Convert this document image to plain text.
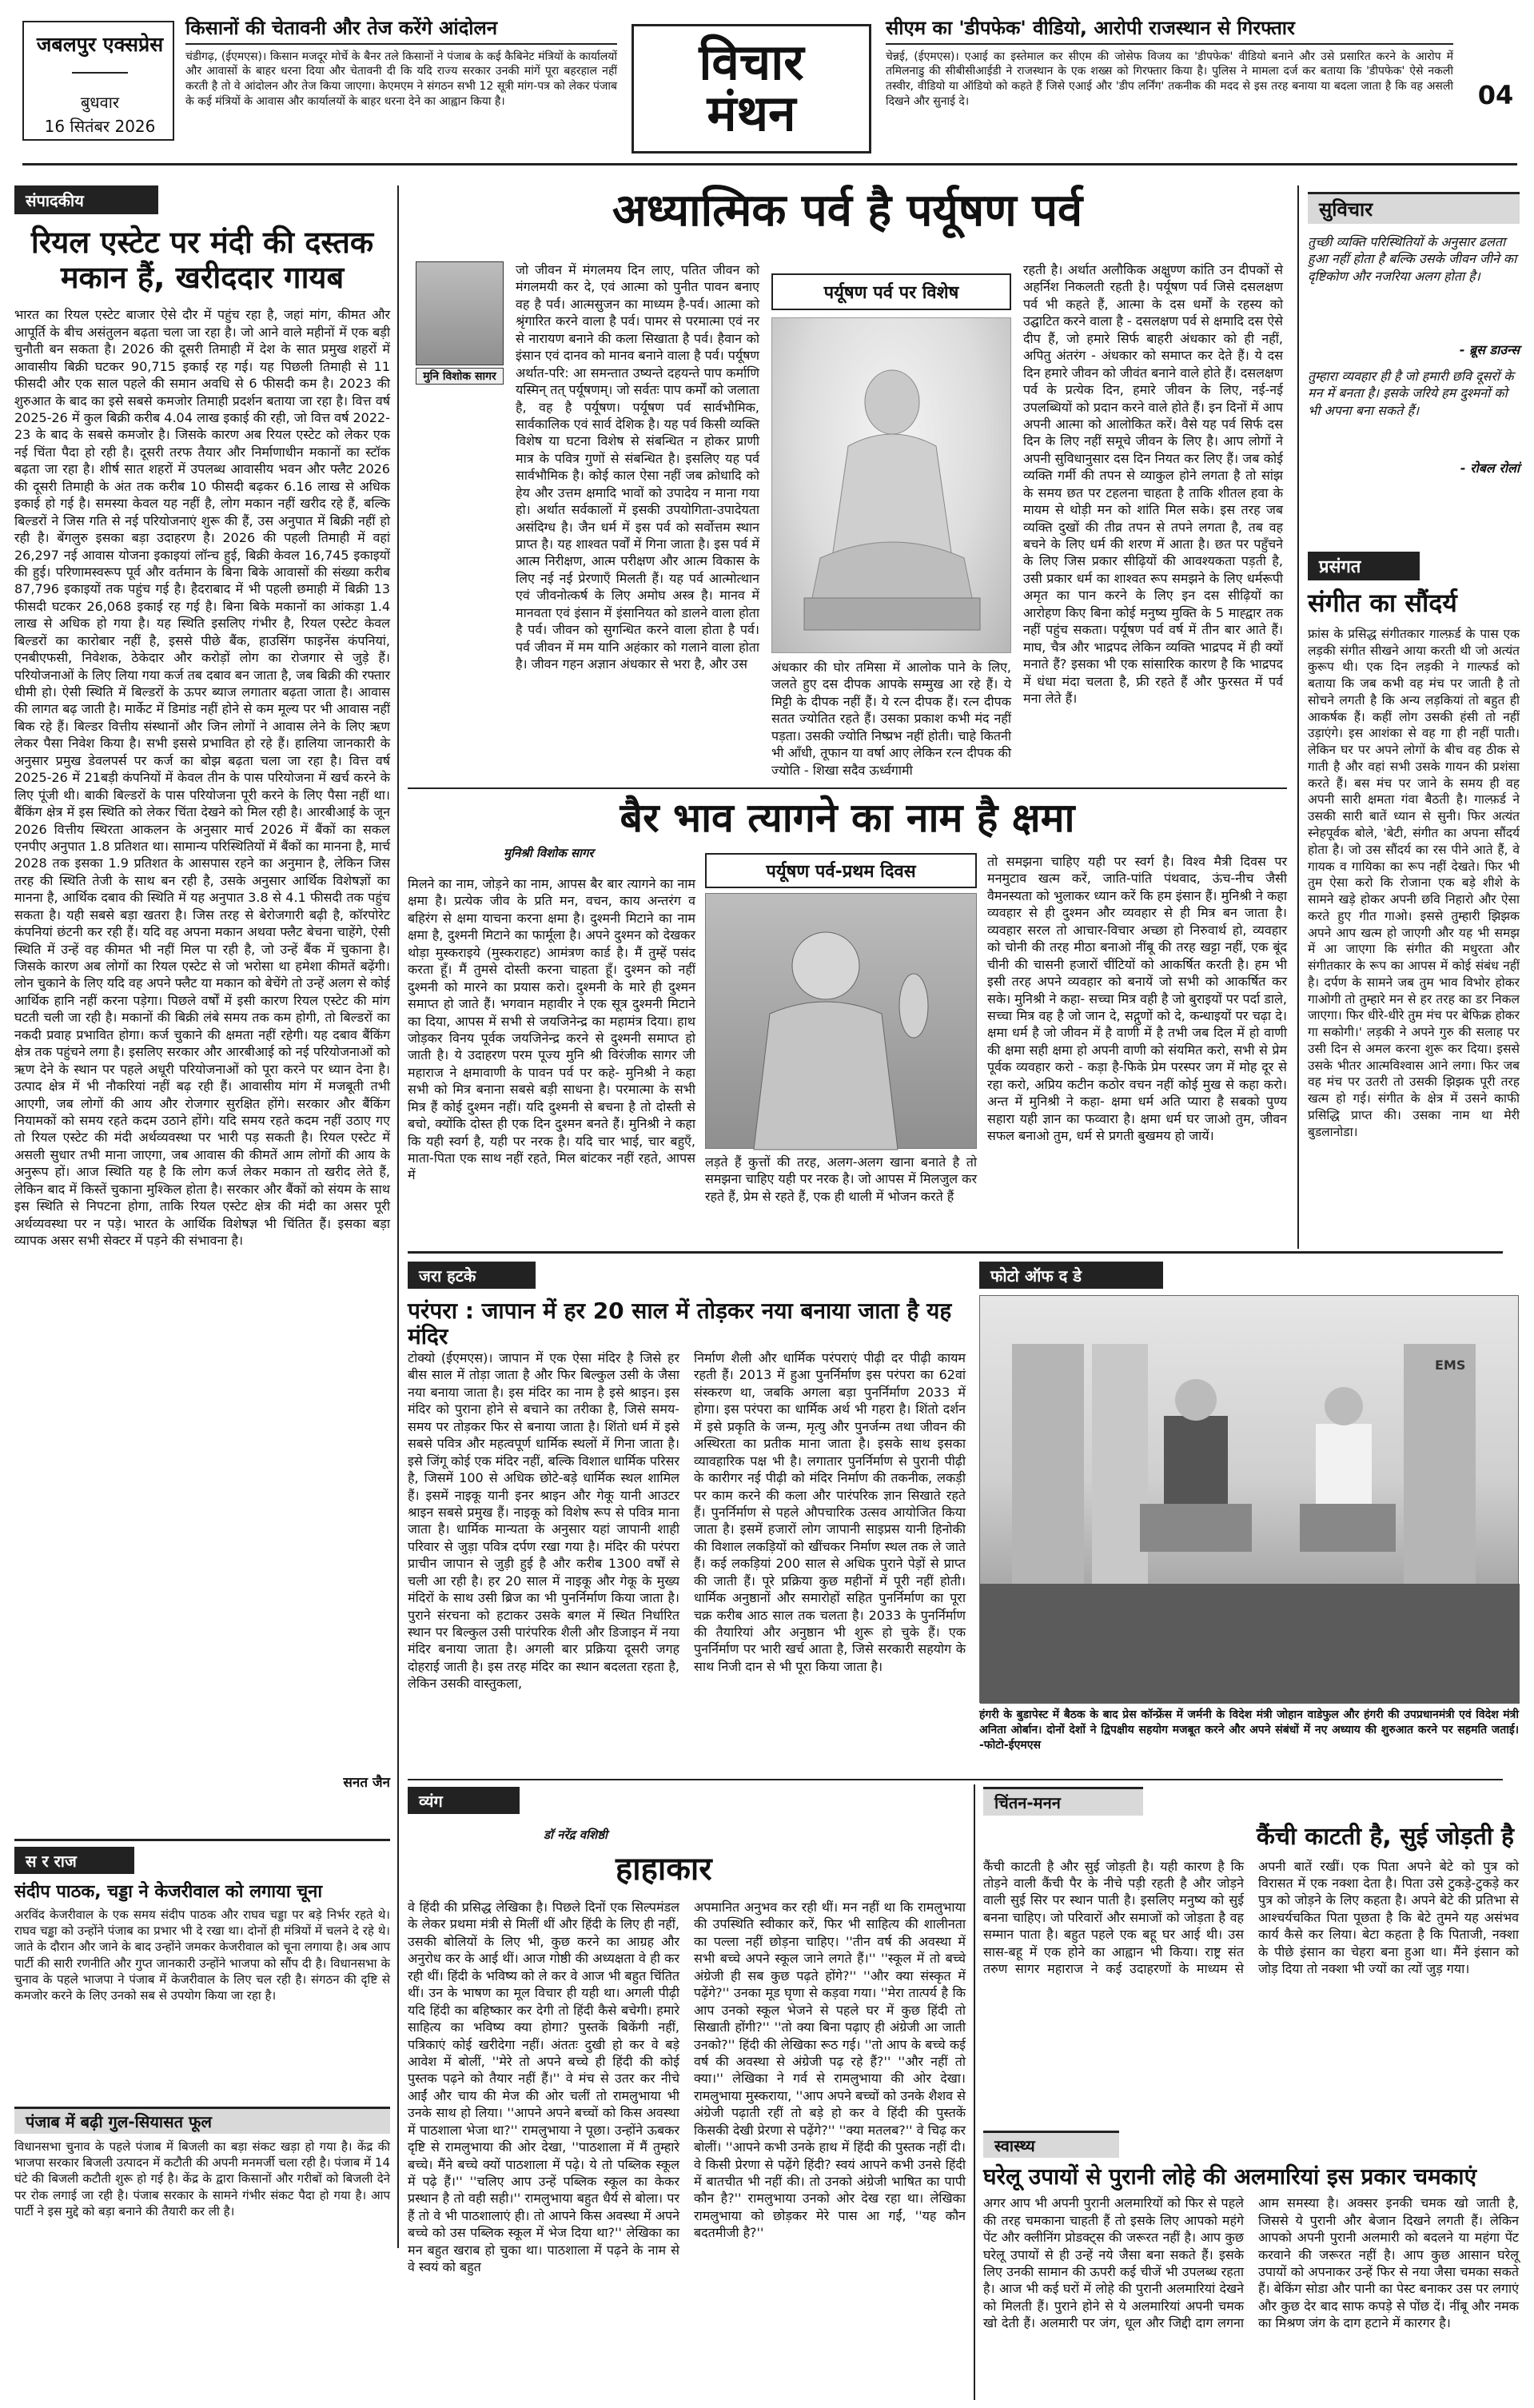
जबलपुर एक्सप्रेस
बुधवार
16 सितंबर 2026
किसानों की चेतावनी और तेज करेंगे आंदोलन
चंडीगढ़, (ईएमएस)। किसान मजदूर मोर्चे के बैनर तले किसानों ने पंजाब के कई कैबिनेट मंत्रियों के कार्यालयों और आवासों के बाहर धरना दिया और चेतावनी दी कि यदि राज्य सरकार उनकी मांगें पूरा बहरहाल नहीं करती है तो वे आंदोलन और तेज किया जाएगा। केएमएम ने संगठन सभी 12 सूत्री मांग-पत्र को लेकर पंजाब के कई मंत्रियों के आवास और कार्यालयों के बाहर धरना देने का आह्वान किया है।
विचार
मंथन
सीएम का 'डीपफेक' वीडियो, आरोपी राजस्थान से गिरफ्तार
चेन्नई, (ईएमएस)। एआई का इस्तेमाल कर सीएम की जोसेफ विजय का 'डीपफेक' वीडियो बनाने और उसे प्रसारित करने के आरोप में तमिलनाडु की सीबीसीआईडी ने राजस्थान के एक शख्स को गिरफ्तार किया है। पुलिस ने मामला दर्ज कर बताया कि 'डीपफेक' ऐसे नकली तस्वीर, वीडियो या ऑडियो को कहते हैं जिसे एआई और 'डीप लर्निंग' तकनीक की मदद से इस तरह बनाया या बदला जाता है कि वह असली दिखने और सुनाई दे।	04
संपादकीय
रियल एस्टेट पर मंदी की दस्तक मकान हैं, खरीददार गायब
भारत का रियल एस्टेट बाजार ऐसे दौर में पहुंच रहा है, जहां मांग, कीमत और आपूर्ति के बीच असंतुलन बढ़ता चला जा रहा है। जो आने वाले महीनों में एक बड़ी चुनौती बन सकता है। 2026 की दूसरी तिमाही में देश के सात प्रमुख शहरों में आवासीय बिक्री घटकर 90,715 इकाई रह गई। यह पिछली तिमाही से 11 फीसदी और एक साल पहले की समान अवधि से 6 फीसदी कम है। 2023 की शुरुआत के बाद का इसे सबसे कमजोर तिमाही प्रदर्शन बताया जा रहा है। वित्त वर्ष 2025-26 में कुल बिक्री करीब 4.04 लाख इकाई की रही, जो वित्त वर्ष 2022-23 के बाद के सबसे कमजोर है। जिसके कारण अब रियल एस्टेट को लेकर एक नई चिंता पैदा हो रही है। दूसरी तरफ तैयार और निर्माणाधीन मकानों का स्टॉक बढ़ता जा रहा है। शीर्ष सात शहरों में उपलब्ध आवासीय भवन और फ्लैट 2026 की दूसरी तिमाही के अंत तक करीब 10 फीसदी बढ़कर 6.16 लाख से अधिक इकाई हो गई है। समस्या केवल यह नहीं है, लोग मकान नहीं खरीद रहे हैं, बल्कि बिल्डरों ने जिस गति से नई परियोजनाएं शुरू की हैं, उस अनुपात में बिक्री नहीं हो रही है। बेंगलुरु इसका बड़ा उदाहरण है। 2026 की पहली तिमाही में वहां 26,297 नई आवास योजना इकाइयां लॉन्च हुई, बिक्री केवल 16,745 इकाइयों की हुई। परिणामस्वरूप पूर्व और वर्तमान के बिना बिके आवासों की संख्या करीब 87,796 इकाइयों तक पहुंच गई है। हैदराबाद में भी पहली छमाही में बिक्री 13 फीसदी घटकर 26,068 इकाई रह गई है। बिना बिके मकानों का आंकड़ा 1.4 लाख से अधिक हो गया है। यह स्थिति इसलिए गंभीर है, रियल एस्टेट केवल बिल्डरों का कारोबार नहीं है, इससे पीछे बैंक, हाउसिंग फाइनेंस कंपनियां, एनबीएफसी, निवेशक, ठेकेदार और करोड़ों लोग का रोजगार से जुड़े हैं। परियोजनाओं के लिए लिया गया कर्ज तब दबाव बन जाता है, जब बिक्री की रफ्तार धीमी हो। ऐसी स्थिति में बिल्डरों के ऊपर ब्याज लगातार बढ़ता जाता है। आवास की लागत बढ़ जाती है। मार्केट में डिमांड नहीं होने से कम मूल्य पर भी आवास नहीं बिक रहे हैं। बिल्डर वित्तीय संस्थानों और जिन लोगों ने आवास लेने के लिए ऋण लेकर पैसा निवेश किया है। सभी इससे प्रभावित हो रहे हैं। हालिया जानकारी के अनुसार प्रमुख डेवलपर्स पर कर्ज का बोझ बढ़ता चला जा रहा है। वित्त वर्ष 2025-26 में 21बड़ी कंपनियों में केवल तीन के पास परियोजना में खर्च करने के लिए पूंजी थी। बाकी बिल्डरों के पास परियोजना पूरी करने के लिए पैसा नहीं था। बैंकिंग क्षेत्र में इस स्थिति को लेकर चिंता देखने को मिल रही है। आरबीआई के जून 2026 वित्तीय स्थिरता आकलन के अनुसार मार्च 2026 में बैंकों का सकल एनपीए अनुपात 1.8 प्रतिशत था। सामान्य परिस्थितियों में बैंकों का मानना है, मार्च 2028 तक इसका 1.9 प्रतिशत के आसपास रहने का अनुमान है, लेकिन जिस तरह की स्थिति तेजी के साथ बन रही है, उसके अनुसार आर्थिक विशेषज्ञों का मानना है, आर्थिक दबाव की स्थिति में यह अनुपात 3.8 से 4.1 फीसदी तक पहुंच सकता है। यही सबसे बड़ा खतरा है। जिस तरह से बेरोजगारी बढ़ी है, कॉरपोरेट कंपनियां छंटनी कर रही हैं। यदि वह अपना मकान अथवा फ्लैट बेचना चाहेंगे, ऐसी स्थिति में उन्हें वह कीमत भी नहीं मिल पा रही है, जो उन्हें बैंक में चुकाना है। जिसके कारण अब लोगों का रियल एस्टेट से जो भरोसा था हमेशा कीमतें बढ़ेंगी। लोन चुकाने के लिए यदि वह अपने फ्लैट या मकान को बेचेंगे तो उन्हें अलग से कोई आर्थिक हानि नहीं करना पड़ेगा। पिछले वर्षों में इसी कारण रियल एस्टेट की मांग घटती चली जा रही है। मकानों की बिक्री लंबे समय तक कम होगी, तो बिल्डरों का नकदी प्रवाह प्रभावित होगा। कर्ज चुकाने की क्षमता नहीं रहेगी। यह दबाव बैंकिंग क्षेत्र तक पहुंचने लगा है। इसलिए सरकार और आरबीआई को नई परियोजनाओं को ऋण देने के स्थान पर पहले अधूरी परियोजनाओं को पूरा करने पर ध्यान देना है। उत्पाद क्षेत्र में भी नौकरियां नहीं बढ़ रही हैं। आवासीय मांग में मजबूती तभी आएगी, जब लोगों की आय और रोजगार सुरक्षित होंगे। सरकार और बैंकिंग नियामकों को समय रहते कदम उठाने होंगे। यदि समय रहते कदम नहीं उठाए गए तो रियल एस्टेट की मंदी अर्थव्यवस्था पर भारी पड़ सकती है। रियल एस्टेट में असली सुधार तभी माना जाएगा, जब आवास की कीमतें आम लोगों की आय के अनुरूप हों। आज स्थिति यह है कि लोग कर्ज लेकर मकान तो खरीद लेते हैं, लेकिन बाद में किस्तें चुकाना मुश्किल होता है। सरकार और बैंकों को संयम के साथ इस स्थिति से निपटना होगा, ताकि रियल एस्टेट क्षेत्र की मंदी का असर पूरी अर्थव्यवस्था पर न पड़े। भारत के आर्थिक विशेषज्ञ भी चिंतित हैं। इसका बड़ा व्यापक असर सभी सेक्टर में पड़ने की संभावना है।
सनत जैन
अध्यात्मिक पर्व है पर्यूषण पर्व
मुनि विशोक सागर
जो जीवन में मंगलमय दिन लाए, पतित जीवन को मंगलमयी कर दे, एवं आत्मा को पुनीत पावन बनाए वह है पर्व। आत्मसुजन का माध्यम है-पर्व। आत्मा को श्रृंगारित करने वाला है पर्व। पामर से परमात्मा एवं नर से नारायण बनाने की कला सिखाता है पर्व। हैवान को इंसान एवं दानव को मानव बनाने वाला है पर्व। पर्यूषण अर्थात-परि: आ समन्तात उष्यन्ते दहयन्ते पाप कर्माणि यस्मिन् तत् पर्यूषणम्। जो सर्वतः पाप कर्मों को जलाता है, वह है पर्यूषण। पर्यूषण पर्व सार्वभौमिक, सार्वकालिक एवं सार्व देशिक है। यह पर्व किसी व्यक्ति विशेष या घटना विशेष से संबन्धित न होकर प्राणी मात्र के पवित्र गुणों से संबन्धित है। इसलिए यह पर्व सार्वभौमिक है। कोई काल ऐसा नहीं जब क्रोधादि को हेय और उत्तम क्षमादि भावों को उपादेय न माना गया हो। अर्थात सर्वकालों में इसकी उपयोगिता-उपादेयता असंदिग्ध है। जैन धर्म में इस पर्व को सर्वोत्तम स्थान प्राप्त है। यह शाश्वत पर्वों में गिना जाता है। इस पर्व में आत्म निरीक्षण, आत्म परीक्षण और आत्म विकास के लिए नई नई प्रेरणाएँ मिलती हैं। यह पर्व आत्मोत्थान एवं जीवनोत्कर्ष के लिए अमोघ अस्त्र है। मानव में मानवता एवं इंसान में इंसानियत को डालने वाला होता है पर्व। जीवन को सुगन्धित करने वाला होता है पर्व। पर्व जीवन में मम यानि अहंकार को गलाने वाला होता है। जीवन गहन अज्ञान अंधकार से भरा है, और उस
पर्यूषण पर्व पर विशेष
अंधकार की घोर तमिसा में आलोक पाने के लिए, जलते हुए दस दीपक आपके सम्मुख आ रहे हैं। ये मिट्टी के दीपक नहीं हैं। ये रत्न दीपक हैं। रत्न दीपक सतत ज्योतित रहते हैं। उसका प्रकाश कभी मंद नहीं पड़ता। उसकी ज्योति निष्प्रभ नहीं होती। चाहे कितनी भी आँधी, तूफान या वर्षा आए लेकिन रत्न दीपक की ज्योति - शिखा सदैव ऊर्ध्वगामी
रहती है। अर्थात अलौकिक अक्षुण्ण कांति उन दीपकों से अहर्निश निकलती रहती है। पर्यूषण पर्व जिसे दसलक्षण पर्व भी कहते हैं, आत्मा के दस धर्मों के रहस्य को उद्घाटित करने वाला है - दसलक्षण पर्व से क्षमादि दस ऐसे दीप हैं, जो हमारे सिर्फ बाहरी अंधकार को ही नहीं, अपितु अंतरंग - अंधकार को समाप्त कर देते हैं। ये दस दिन हमारे जीवन को जीवंत बनाने वाले होते हैं। दसलक्षण पर्व के प्रत्येक दिन, हमारे जीवन के लिए, नई-नई उपलब्धियों को प्रदान करने वाले होते हैं। इन दिनों में आप अपनी आत्मा को आलोकित करें। वैसे यह पर्व सिर्फ दस दिन के लिए नहीं समूचे जीवन के लिए है। आप लोगों ने अपनी सुविधानुसार दस दिन नियत कर लिए हैं। जब कोई व्यक्ति गर्मी की तपन से व्याकुल होने लगता है तो सांझ के समय छत पर टहलना चाहता है ताकि शीतल हवा के मायम से थोड़ी मन को शांति मिल सके। इस तरह जब व्यक्ति दुखों की तीव्र तपन से तपने लगता है, तब वह बचने के लिए धर्म की शरण में आता है। छत पर पहुँचने के लिए जिस प्रकार सीढ़ियों की आवश्यकता पड़ती है, उसी प्रकार धर्म का शाश्वत रूप समझने के लिए धर्मरूपी अमृत का पान करने के लिए इन दस सीढ़ियों का आरोहण किए बिना कोई मनुष्य मुक्ति के 5 माह्द्वार तक नहीं पहुंच सकता। पर्यूषण पर्व वर्ष में तीन बार आते हैं। माघ, चैत्र और भाद्रपद लेकिन व्यक्ति भाद्रपद में ही क्यों मनाते हैं? इसका भी एक सांसारिक कारण है कि भाद्रपद में धंधा मंदा चलता है, फ्री रहते हैं और फुरसत में पर्व मना लेते हैं।
बैर भाव त्यागने का नाम है क्षमा
मुनिश्री विशोक सागर
मिलने का नाम, जोड़ने का नाम, आपस बैर बार त्यागने का नाम क्षमा है। प्रत्येक जीव के प्रति मन, वचन, काय अन्तरंग व बहिरंग से क्षमा याचना करना क्षमा है। दुश्मनी मिटाने का नाम क्षमा है, दुश्मनी मिटाने का फार्मूला है। अपने दुश्मन को देखकर थोड़ा मुस्कराइये (मुस्कराहट) आमंत्रण कार्ड है। मैं तुम्हें पसंद करता हूँ। मैं तुमसे दोस्ती करना चाहता हूँ। दुश्मन को नहीं दुश्मनी को मारने का प्रयास करो। दुश्मनी के मारे ही दुश्मन समाप्त हो जाते हैं। भगवान महावीर ने एक सूत्र दुश्मनी मिटाने का दिया, आपस में सभी से जयजिनेन्द्र का महामंत्र दिया। हाथ जोड़कर विनय पूर्वक जयजिनेन्द्र करने से दुश्मनी समाप्त हो जाती है। ये उदाहरण परम पूज्य मुनि श्री विरंजीक सागर जी महाराज ने क्षमावाणी के पावन पर्व पर कहे- मुनिश्री ने कहा सभी को मित्र बनाना सबसे बड़ी साधना है। परमात्मा के सभी मित्र हैं कोई दुश्मन नहीं। यदि दुश्मनी से बचना है तो दोस्ती से बचो, क्योंकि दोस्त ही एक दिन दुश्मन बनते हैं। मुनिश्री ने कहा कि यही स्वर्ग है, यही पर नरक है। यदि चार भाई, चार बहुएँ, माता-पिता एक साथ नहीं रहते, मिल बांटकर नहीं रहते, आपस में
पर्यूषण पर्व-प्रथम दिवस
लड़ते हैं कुत्तों की तरह, अलग-अलग खाना बनाते है तो समझना चाहिए यही पर नरक है। जो आपस में मिलजुल कर रहते हैं, प्रेम से रहते हैं, एक ही थाली में भोजन करते हैं
तो समझना चाहिए यही पर स्वर्ग है। विश्व मैत्री दिवस पर मनमुटाव खत्म करें, जाति-पांति पंथवाद, ऊंच-नीच जैसी वैमनस्यता को भुलाकर ध्यान करें कि हम इंसान हैं। मुनिश्री ने कहा व्यवहार से ही दुश्मन और व्यवहार से ही मित्र बन जाता है। व्यवहार सरल तो आचार-विचार अच्छा हो निरुवार्थ हो, व्यवहार को चोनी की तरह मीठा बनाओ नींबू की तरह खट्टा नहीं, एक बूंद चीनी की चासनी हजारों चींटियों को आकर्षित करती है। हम भी इसी तरह अपने व्यवहार को बनायें जो सभी को आकर्षित कर सके। मुनिश्री ने कहा- सच्चा मित्र वही है जो बुराइयों पर पर्दा डाले, सच्चा मित्र वह है जो जान दे, सद्गुणों को दे, कन्धाइयों पर चढ़ा दे। क्षमा धर्म है जो जीवन में है वाणी में है तभी जब दिल में हो वाणी की क्षमा सही क्षमा हो अपनी वाणी को संयमित करो, सभी से प्रेम पूर्वक व्यवहार करो - कड़ा है-फिके प्रेम परस्पर जग में मोह दूर से रहा करो, अप्रिय कटीन कठोर वचन नहीं कोई मुख से कहा करो। अन्त में मुनिश्री ने कहा- क्षमा धर्म अति प्यारा है सबको पुण्य सहारा यही ज्ञान का फव्वारा है। क्षमा धर्म घर जाओ तुम, जीवन सफल बनाओ तुम, धर्म से प्रगती बुखमय हो जायें।
सुविचार
तुच्छी व्यक्ति परिस्थितियों के अनुसार ढलता हुआ नहीं होता है बल्कि उसके जीवन जीने का दृष्टिकोण और नजरिया अलग होता है।
- ब्रूस डाउन्स
तुम्हारा व्यवहार ही है जो हमारी छवि दूसरों के मन में बनता है। इसके जरिये हम दुश्मनों को भी अपना बना सकते हैं।
- रोबल रोलां
प्रसंगत
संगीत का सौंदर्य
फ्रांस के प्रसिद्ध संगीतकार गाल्फ़र्ड के पास एक लड़की संगीत सीखने आया करती थी जो अत्यंत कुरूप थी। एक दिन लड़की ने गाल्फर्ड को बताया कि जब कभी वह मंच पर जाती है तो सोचने लगती है कि अन्य लड़कियां तो बहुत ही आकर्षक हैं। कहीं लोग उसकी हंसी तो नहीं उड़ाएंगे। इस आशंका से वह गा ही नहीं पाती। लेकिन घर पर अपने लोगों के बीच वह ठीक से गाती है और वहां सभी उसके गायन की प्रशंसा करते हैं। बस मंच पर जाने के समय ही वह अपनी सारी क्षमता गंवा बैठती है। गाल्फ़र्ड ने उसकी सारी बातें ध्यान से सुनी। फिर अत्यंत स्नेहपूर्वक बोले, 'बेटी, संगीत का अपना सौंदर्य होता है। जो उस सौंदर्य का रस पीने आते हैं, वे गायक व गायिका का रूप नहीं देखते। फिर भी तुम ऐसा करो कि रोजाना एक बड़े शीशे के सामने खड़े होकर अपनी छवि निहारो और ऐसा करते हुए गीत गाओ। इससे तुम्हारी झिझक अपने आप खत्म हो जाएगी और यह भी समझ में आ जाएगा कि संगीत की मधुरता और संगीतकार के रूप का आपस में कोई संबंध नहीं है। दर्पण के सामने जब तुम भाव विभोर होकर गाओगी तो तुम्हारे मन से हर तरह का डर निकल जाएगा। फिर धीरे-धीरे तुम मंच पर बेफिक्र होकर गा सकोगी।' लड़की ने अपने गुरु की सलाह पर उसी दिन से अमल करना शुरू कर दिया। इससे उसके भीतर आत्मविश्वास आने लगा। फिर जब वह मंच पर उतरी तो उसकी झिझक पूरी तरह खत्म हो गई। संगीत के क्षेत्र में उसने काफी प्रसिद्धि प्राप्त की। उसका नाम था मेरी बुडलानोडा।
जरा हटके
परंपरा : जापान में हर 20 साल में तोड़कर नया बनाया जाता है यह मंदिर
टोक्यो (ईएमएस)। जापान में एक ऐसा मंदिर है जिसे हर बीस साल में तोड़ा जाता है और फिर बिल्कुल उसी के जैसा नया बनाया जाता है। इस मंदिर का नाम है इसे श्राइन। इस मंदिर को पुराना होने से बचाने का तरीका है, जिसे समय-समय पर तोड़कर फिर से बनाया जाता है। शिंतो धर्म में इसे सबसे पवित्र और महत्वपूर्ण धार्मिक स्थलों में गिना जाता है। इसे जिंगू कोई एक मंदिर नहीं, बल्कि विशाल धार्मिक परिसर है, जिसमें 100 से अधिक छोटे-बड़े धार्मिक स्थल शामिल हैं। इसमें नाइकू यानी इनर श्राइन और गेकू यानी आउटर श्राइन सबसे प्रमुख हैं। नाइकू को विशेष रूप से पवित्र माना जाता है। धार्मिक मान्यता के अनुसार यहां जापानी शाही परिवार से जुड़ा पवित्र दर्पण रखा गया है। मंदिर की परंपरा प्राचीन जापान से जुड़ी हुई है और करीब 1300 वर्षों से चली आ रही है। हर 20 साल में नाइकू और गेकू के मुख्य मंदिरों के साथ उसी ब्रिज का भी पुनर्निर्माण किया जाता है। पुराने संरचना को हटाकर उसके बगल में स्थित निर्धारित स्थान पर बिल्कुल उसी पारंपरिक शैली और डिजाइन में नया मंदिर बनाया जाता है। अगली बार प्रक्रिया दूसरी जगह दोहराई जाती है। इस तरह मंदिर का स्थान बदलता रहता है, लेकिन उसकी वास्तुकला,
निर्माण शैली और धार्मिक परंपराएं पीढ़ी दर पीढ़ी कायम रहती हैं। 2013 में हुआ पुनर्निर्माण इस परंपरा का 62वां संस्करण था, जबकि अगला बड़ा पुनर्निर्माण 2033 में होगा। इस परंपरा का धार्मिक अर्थ भी गहरा है। शिंतो दर्शन में इसे प्रकृति के जन्म, मृत्यु और पुनर्जन्म तथा जीवन की अस्थिरता का प्रतीक माना जाता है। इसके साथ इसका व्यावहारिक पक्ष भी है। लगातार पुनर्निर्माण से पुरानी पीढ़ी के कारीगर नई पीढ़ी को मंदिर निर्माण की तकनीक, लकड़ी पर काम करने की कला और पारंपरिक ज्ञान सिखाते रहते हैं। पुनर्निर्माण से पहले औपचारिक उत्सव आयोजित किया जाता है। इसमें हजारों लोग जापानी साइप्रस यानी हिनोकी की विशाल लकड़ियों को खींचकर निर्माण स्थल तक ले जाते हैं। कई लकड़ियां 200 साल से अधिक पुराने पेड़ों से प्राप्त की जाती हैं। पूरे प्रक्रिया कुछ महीनों में पूरी नहीं होती। धार्मिक अनुष्ठानों और समारोहों सहित पुनर्निर्माण का पूरा चक्र करीब आठ साल तक चलता है। 2033 के पुनर्निर्माण की तैयारियां और अनुष्ठान भी शुरू हो चुके हैं। एक पुनर्निर्माण पर भारी खर्च आता है, जिसे सरकारी सहयोग के साथ निजी दान से भी पूरा किया जाता है।
फोटो ऑफ द डे
EMS
हंगरी के बुडापेस्ट में बैठक के बाद प्रेस कॉन्फ्रेंस में जर्मनी के विदेश मंत्री जोहान वाडेफुल और हंगरी की उपप्रधानमंत्री एवं विदेश मंत्री अनिता ओर्बान। दोनों देशों ने द्विपक्षीय सहयोग मजबूत करने और अपने संबंधों में नए अध्याय की शुरुआत करने पर सहमति जताई। -फोटो-ईएमएस
व्यंग
डॉ नरेंद्र वशिष्ठी
हाहाकार
वे हिंदी की प्रसिद्ध लेखिका है। पिछले दिनों एक सिल्पमंडल के लेकर प्रथमा मंत्री से मिलीं थीं और हिंदी के लिए ही नहीं, उसकी बोलियों के लिए भी, कुछ करने का आग्रह और अनुरोध कर के आई थीं। आज गोष्ठी की अध्यक्षता वे ही कर रही थीं। हिंदी के भविष्य को ले कर वे आज भी बहुत चिंतित थीं। उन के भाषण का मूल विचार ही यही था। अगली पीढ़ी यदि हिंदी का बहिष्कार कर देगी तो हिंदी कैसे बचेगी। हमारे साहित्य का भविष्य क्या होगा? पुस्तकें बिकेंगी नहीं, पत्रिकाएं कोई खरीदेगा नहीं। अंततः दुखी हो कर वे बड़े आवेश में बोलीं, ''मेरे तो अपने बच्चे ही हिंदी की कोई पुस्तक पढ़ने को तैयार नहीं हैं।'' वे मंच से उतर कर नीचे आईं और चाय की मेज की ओर चलीं तो रामलुभाया भी उनके साथ हो लिया। ''आपने अपने बच्चों को किस अवस्था में पाठशाला भेजा था?'' रामलुभाया ने पूछा। उन्होंने ऊबकर दृष्टि से रामलुभाया की ओर देखा, ''पाठशाला में मैं तुम्हारे बच्चे। मैंने बच्चे क्यों पाठशाला में पढ़े। ये तो पब्लिक स्कूल में पढ़े हैं।'' ''चलिए आप उन्हें पब्लिक स्कूल का केकर प्रस्थान है तो वही सही।'' रामलुभाया बहुत धैर्य से बोला। पर हैं तो वे भी पाठशालाएं ही। तो आपने किस अवस्था में अपने बच्चे को उस पब्लिक स्कूल में भेज दिया था?'' लेखिका का मन बहुत खराब हो चुका था। पाठशाला में पढ़ने के नाम से वे स्वयं को बहुत
अपमानित अनुभव कर रही थीं। मन नहीं था कि रामलुभाया की उपस्थिति स्वीकार करें, फिर भी साहित्य की शालीनता का पल्ला नहीं छोड़ना चाहिए। ''तीन वर्ष की अवस्था में सभी बच्चे अपने स्कूल जाने लगते हैं।'' ''स्कूल में तो बच्चे अंग्रेजी ही सब कुछ पढ़ते होंगे?'' ''और क्या संस्कृत में पढ़ेंगे?'' उनका मूड घृणा से कड़वा गया। ''मेरा तात्पर्य है कि आप उनको स्कूल भेजने से पहले घर में कुछ हिंदी तो सिखाती होंगी?'' ''तो क्या बिना पढ़ाए ही अंग्रेजी आ जाती उनको?'' हिंदी की लेखिका रूठ गई। ''तो आप के बच्चे कई वर्ष की अवस्था से अंग्रेजी पढ़ रहे हैं?'' ''और नहीं तो क्या।'' लेखिका ने गर्व से रामलुभाया की ओर देखा। रामलुभाया मुस्कराया, ''आप अपने बच्चों को उनके शैशव से अंग्रेजी पढ़ाती रहीं तो बड़े हो कर वे हिंदी की पुस्तकें किसकी देखी प्रेरणा से पढ़ेंगे?'' ''क्या मतलब?'' वे चिढ़ कर बोलीं। ''आपने कभी उनके हाथ में हिंदी की पुस्तक नहीं दी। वे किसी प्रेरणा से पढ़ेंगे हिंदी? स्वयं आपने कभी उनसे हिंदी में बातचीत भी नहीं की। तो उनको अंग्रेजी भाषित का पापी कौन है?'' रामलुभाया उनको ओर देख रहा था। लेखिका रामलुभाया को छोड़कर मेरे पास आ गईं, ''यह कौन बदतमीजी है?''
चिंतन-मनन
कैंची काटती है, सुई जोड़ती है
कैंची काटती है और सुई जोड़ती है। यही कारण है कि तोड़ने वाली कैंची पैर के नीचे पड़ी रहती है और जोड़ने वाली सुई सिर पर स्थान पाती है। इसलिए मनुष्य को सुई बनना चाहिए। जो परिवारों और समाजों को जोड़ता है वह सम्मान पाता है। बहुत पहले एक बहू घर आई थी। उस सास-बहू में एक होने का आह्वान भी किया। राष्ट्र संत तरुण सागर महाराज ने कई उदाहरणों के माध्यम से अपनी बातें रखीं। एक पिता अपने बेटे को पुत्र को विरासत में एक नक्शा देता है। पिता उसे टुकड़े-टुकड़े कर पुत्र को जोड़ने के लिए कहता है। अपने बेटे की प्रतिभा से आश्चर्यचकित पिता पूछता है कि बेटे तुमने यह असंभव कार्य कैसे कर लिया। बेटा कहता है कि पिताजी, नक्शा के पीछे इंसान का चेहरा बना हुआ था। मैंने इंसान को जोड़ दिया तो नक्शा भी ज्यों का त्यों जुड़ गया।
स्वास्थ्य
घरेलू उपायों से पुरानी लोहे की अलमारियां इस प्रकार चमकाएं
अगर आप भी अपनी पुरानी अलमारियों को फिर से पहले की तरह चमकाना चाहती हैं तो इसके लिए आपको महंगे पेंट और क्लीनिंग प्रोडक्ट्स की जरूरत नहीं है। आप कुछ घरेलू उपायों से ही उन्हें नये जैसा बना सकते हैं। इसके लिए उनकी सामान की ऊपरी कई चीजें भी उपलब्ध रहता है। आज भी कई घरों में लोहे की पुरानी अलमारियां देखने को मिलती हैं। पुराने होने से ये अलमारियां अपनी चमक खो देती हैं। अलमारी पर जंग, धूल और जिद्दी दाग लगना आम समस्या है। अक्सर इनकी चमक खो जाती है, जिससे ये पुरानी और बेजान दिखने लगती हैं। लेकिन आपको अपनी पुरानी अलमारी को बदलने या महंगा पेंट करवाने की जरूरत नहीं है। आप कुछ आसान घरेलू उपायों को अपनाकर उन्हें फिर से नया जैसा चमका सकते हैं। बेकिंग सोडा और पानी का पेस्ट बनाकर उस पर लगाएं और कुछ देर बाद साफ कपड़े से पोंछ दें। नींबू और नमक का मिश्रण जंग के दाग हटाने में कारगर है।
स र राज
संदीप पाठक, चड्डा ने केजरीवाल को लगाया चूना
अरविंद केजरीवाल के एक समय संदीप पाठक और राघव चड्डा पर बड़े निर्भर रहते थे। राघव चड्ढा को उन्होंने पंजाब का प्रभार भी दे रखा था। दोनों ही मंत्रियों में चलने दे रहे थे। जाते के दौरान और जाने के बाद उन्होंने जमकर केजरीवाल को चूना लगाया है। अब आप पार्टी की सारी रणनीति और गुप्त जानकारी उन्होंने भाजपा को सौंप दी है। विधानसभा के चुनाव के पहले भाजपा ने पंजाब में केजरीवाल के लिए चल रही है। संगठन की दृष्टि से कमजोर करने के लिए उनको सब से उपयोग किया जा रहा है।
पंजाब में बढ़ी गुल-सियासत फूल
विधानसभा चुनाव के पहले पंजाब में बिजली का बड़ा संकट खड़ा हो गया है। केंद्र की भाजपा सरकार बिजली उत्पादन में कटौती की अपनी मनमर्जी चला रही है। पंजाब में 14 घंटे की बिजली कटौती शुरू हो गई है। केंद्र के द्वारा किसानों और गरीबों को बिजली देने पर रोक लगाई जा रही है। पंजाब सरकार के सामने गंभीर संकट पैदा हो गया है। आप पार्टी ने इस मुद्दे को बड़ा बनाने की तैयारी कर ली है।
